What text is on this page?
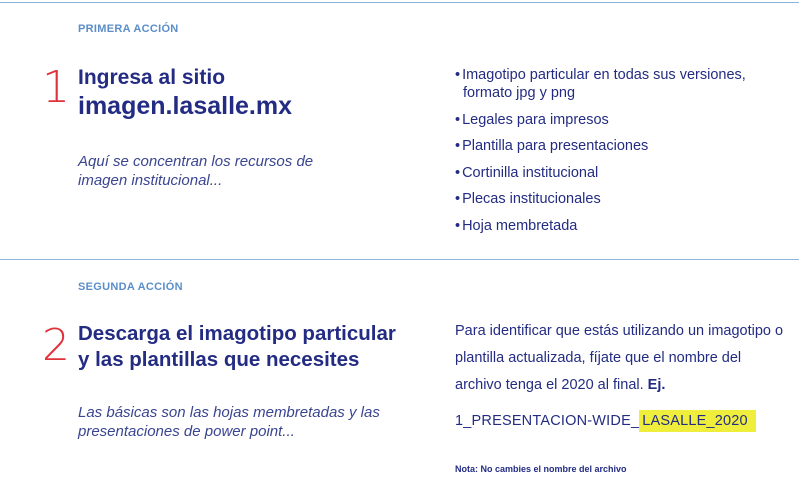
PRIMERA ACCIÓN
1 Ingresa al sitio
imagen.lasalle.mx
Aquí se concentran los recursos de
imagen institucional...
• Imagotipo particular en todas sus versiones,
formato jpg y png
• Legales para impresos
• Plantilla para presentaciones
• Cortinilla institucional
• Plecas institucionales
• Hoja membretada
SEGUNDA ACCIÓN
2 Descarga el imagotipo particular
y las plantillas que necesites
Las básicas son las hojas membretadas y las
presentaciones de power point...
Para identificar que estás utilizando un imagotipo o plantilla actualizada, fíjate que el nombre del archivo tenga el 2020 al final. Ej.
1_PRESENTACION-WIDE_ LASALLE_2020
Nota: No cambies el nombre del archivo
